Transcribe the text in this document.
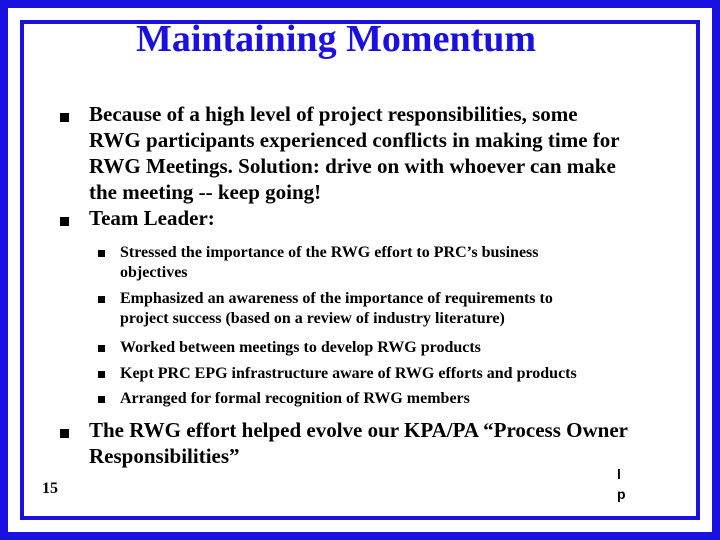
Maintaining Momentum
Because of a high level of project responsibilities, some
RWG participants experienced conflicts in making time for
RWG Meetings. Solution: drive on with whoever can make
the meeting -- keep going!
Team Leader:
Stressed the importance of the RWG effort to PRC’s business
objectives
Emphasized an awareness of the importance of requirements to
project success (based on a review of industry literature)
Worked between meetings to develop RWG products
Kept PRC EPG infrastructure aware of RWG efforts and products
Arranged for formal recognition of RWG members
The RWG effort helped evolve our KPA/PA “Process Owner
Responsibilities”
15
l
p
